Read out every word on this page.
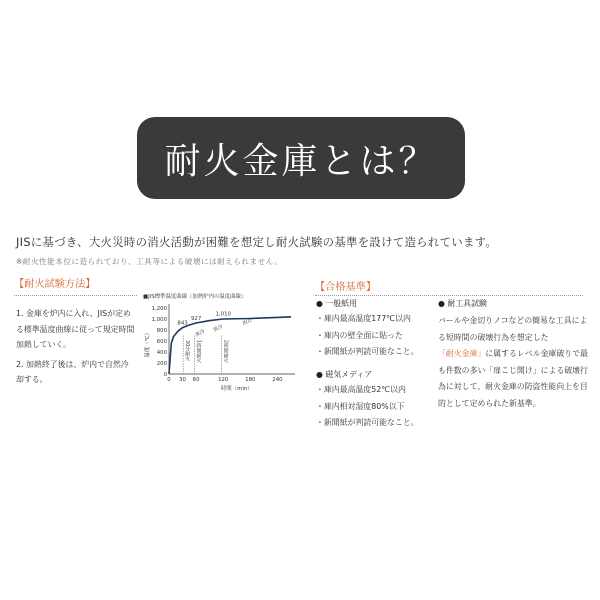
耐火金庫とは？
JISに基づき、大火災時の消火活動が困難を想定し耐火試験の基準を設けて造られています。
※耐火性能本位に造られており、工具等による破壊には耐えられません。
【耐火試験方法】
1. 金庫を炉内に入れ、JISが定める標準温度曲線に従って規定時間加熱していく。
2. 加熱終了後は、炉内で自然冷却する。
■JIS標準温度曲線（加熱炉内の温度曲線）
0
200
400
600
800
1,000
1,200
0 30 60	120	180	240
時間（min）
温度（℃）	30分耐火 1時間耐火	2時間耐火
843
927
1,010
放冷
放冷
放冷
【合格基準】
● 一般紙用
・庫内最高温度177℃以内
・庫内の壁全面に貼った
・新聞紙が判読可能なこと。
● 磁気メディア
・庫内最高温度52℃以内
・庫内相対湿度80%以下
・新聞紙が判読可能なこと。
● 耐工具試験
バールや金切りノコなどの簡易な工具による短時間の破壊行為を想定した「耐火金庫」に属するレベル金庫破りで最も件数の多い「扉こじ開け」による破壊行為に対して、耐火金庫の防盗性能向上を目的として定められた新基準。
